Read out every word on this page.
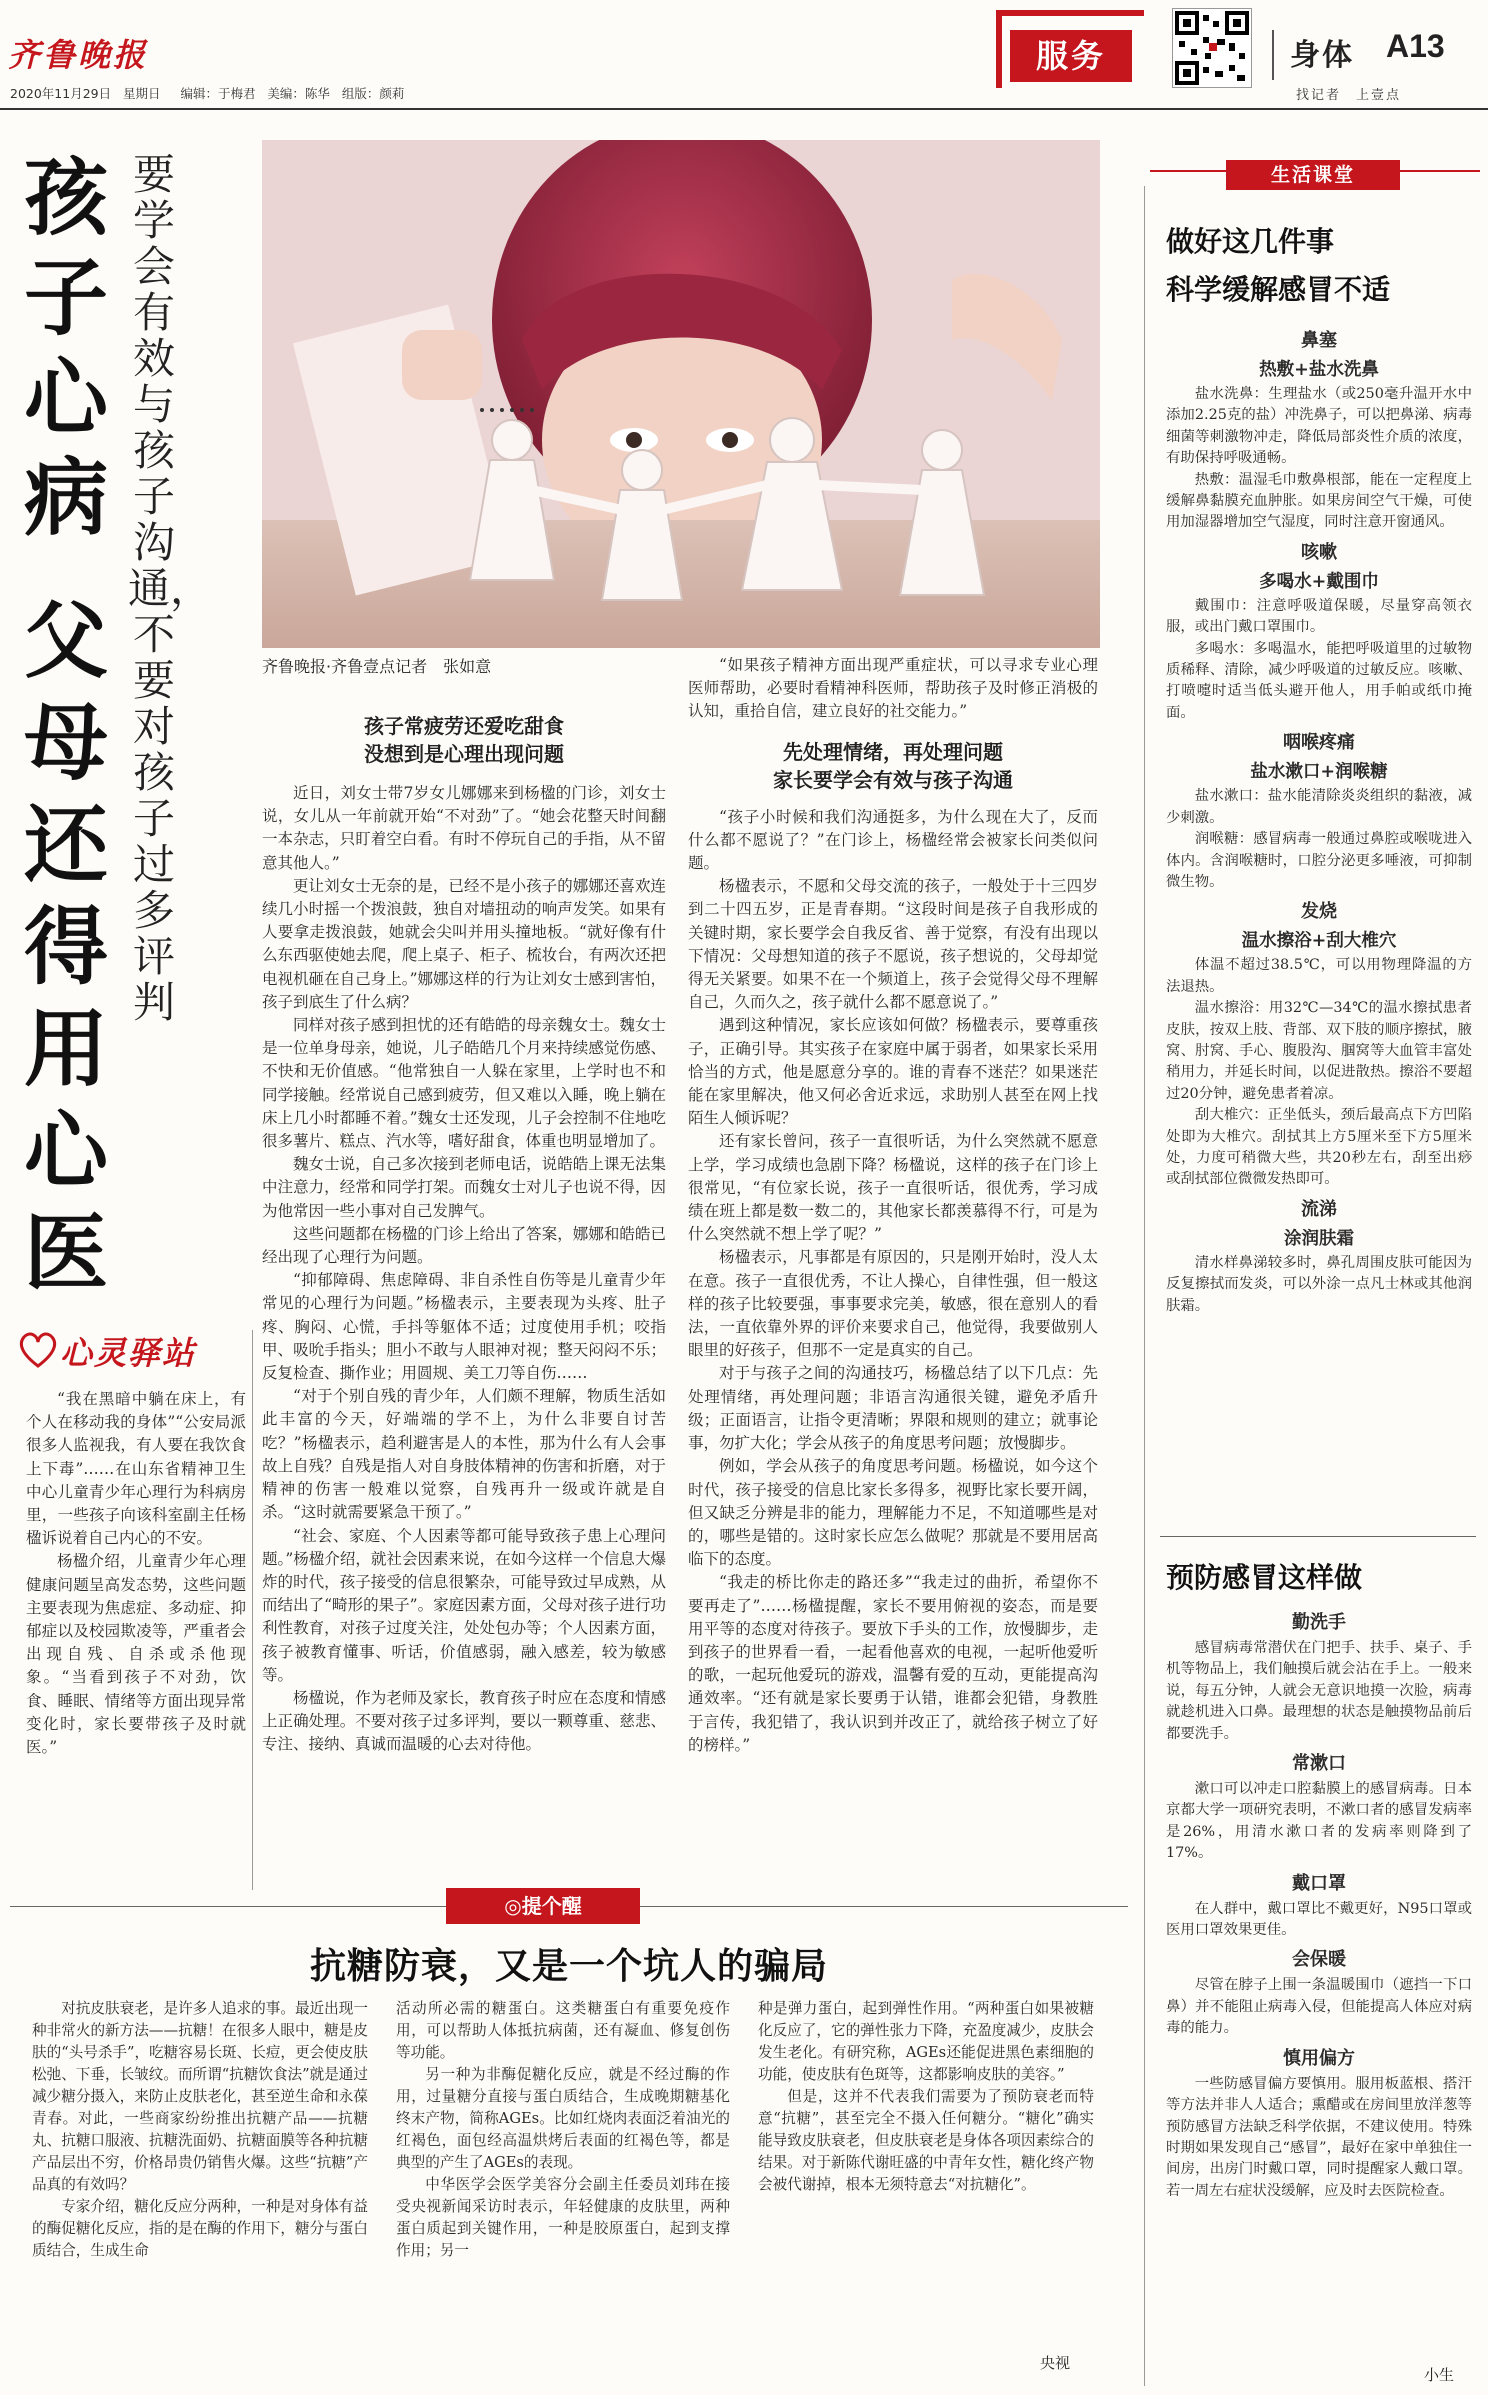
齐鲁晚报
2020年11月29日 星期日 编辑：于梅君 美编：陈华 组版：颜莉
服务	身体 A13
找记者　上壹点
孩子心病
父母还得用心医
要学会有效与孩子沟通，不要对孩子过多评判
心灵驿站

“我在黑暗中躺在床上，有个人在移动我的身体”“公安局派很多人监视我，有人要在我饮食上下毒”……在山东省精神卫生中心儿童青少年心理行为科病房里，一些孩子向该科室副主任杨楹诉说着自己内心的不安。

杨楹介绍，儿童青少年心理健康问题呈高发态势，这些问题主要表现为焦虑症、多动症、抑郁症以及校园欺凌等，严重者会出现自残、自杀或杀他现象。“当看到孩子不对劲，饮食、睡眠、情绪等方面出现异常变化时，家长要带孩子及时就医。”

齐鲁晚报·齐鲁壹点记者　张如意
孩子常疲劳还爱吃甜食
没想到是心理出现问题

近日，刘女士带7岁女儿娜娜来到杨楹的门诊，刘女士说，女儿从一年前就开始“不对劲”了。“她会花整天时间翻一本杂志，只盯着空白看。有时不停玩自己的手指，从不留意其他人。”

更让刘女士无奈的是，已经不是小孩子的娜娜还喜欢连续几小时摇一个拨浪鼓，独自对墙扭动的响声发笑。如果有人要拿走拨浪鼓，她就会尖叫并用头撞地板。“就好像有什么东西驱使她去爬，爬上桌子、柜子、梳妆台，有两次还把电视机砸在自己身上。”娜娜这样的行为让刘女士感到害怕，孩子到底生了什么病？

同样对孩子感到担忧的还有皓皓的母亲魏女士。魏女士是一位单身母亲，她说，儿子皓皓几个月来持续感觉伤感、不快和无价值感。“他常独自一人躲在家里，上学时也不和同学接触。经常说自己感到疲劳，但又难以入睡，晚上躺在床上几小时都睡不着。”魏女士还发现，儿子会控制不住地吃很多薯片、糕点、汽水等，嗜好甜食，体重也明显增加了。

魏女士说，自己多次接到老师电话，说皓皓上课无法集中注意力，经常和同学打架。而魏女士对儿子也说不得，因为他常因一些小事对自己发脾气。

这些问题都在杨楹的门诊上给出了答案，娜娜和皓皓已经出现了心理行为问题。

“抑郁障碍、焦虑障碍、非自杀性自伤等是儿童青少年常见的心理行为问题。”杨楹表示，主要表现为头疼、肚子疼、胸闷、心慌，手抖等躯体不适；过度使用手机；咬指甲、吸吮手指头；胆小不敢与人眼神对视；整天闷闷不乐；反复检查、撕作业；用圆规、美工刀等自伤……

“对于个别自残的青少年，人们颇不理解，物质生活如此丰富的今天，好端端的学不上，为什么非要自讨苦吃？”杨楹表示，趋利避害是人的本性，那为什么有人会事故上自残？自残是指人对自身肢体精神的伤害和折磨，对于精神的伤害一般难以觉察，自残再升一级或许就是自杀。“这时就需要紧急干预了。”

“社会、家庭、个人因素等都可能导致孩子患上心理问题。”杨楹介绍，就社会因素来说，在如今这样一个信息大爆炸的时代，孩子接受的信息很繁杂，可能导致过早成熟，从而结出了“畸形的果子”。家庭因素方面，父母对孩子进行功利性教育，对孩子过度关注，处处包办等；个人因素方面，孩子被教育懂事、听话，价值感弱，融入感差，较为敏感等。

杨楹说，作为老师及家长，教育孩子时应在态度和情感上正确处理。不要对孩子过多评判，要以一颗尊重、慈悲、专注、接纳、真诚而温暖的心去对待他。

“如果孩子精神方面出现严重症状，可以寻求专业心理医师帮助，必要时看精神科医师，帮助孩子及时修正消极的认知，重拾自信，建立良好的社交能力。”

先处理情绪，再处理问题
家长要学会有效与孩子沟通

“孩子小时候和我们沟通挺多，为什么现在大了，反而什么都不愿说了？”在门诊上，杨楹经常会被家长问类似问题。

杨楹表示，不愿和父母交流的孩子，一般处于十三四岁到二十四五岁，正是青春期。“这段时间是孩子自我形成的关键时期，家长要学会自我反省、善于觉察，有没有出现以下情况：父母想知道的孩子不愿说，孩子想说的，父母却觉得无关紧要。如果不在一个频道上，孩子会觉得父母不理解自己，久而久之，孩子就什么都不愿意说了。”

遇到这种情况，家长应该如何做？杨楹表示，要尊重孩子，正确引导。其实孩子在家庭中属于弱者，如果家长采用恰当的方式，他是愿意分享的。谁的青春不迷茫？如果迷茫能在家里解决，他又何必舍近求远，求助别人甚至在网上找陌生人倾诉呢？

还有家长曾问，孩子一直很听话，为什么突然就不愿意上学，学习成绩也急剧下降？杨楹说，这样的孩子在门诊上很常见，“有位家长说，孩子一直很听话，很优秀，学习成绩在班上都是数一数二的，其他家长都羡慕得不行，可是为什么突然就不想上学了呢？”

杨楹表示，凡事都是有原因的，只是刚开始时，没人太在意。孩子一直很优秀，不让人操心，自律性强，但一般这样的孩子比较要强，事事要求完美，敏感，很在意别人的看法，一直依靠外界的评价来要求自己，他觉得，我要做别人眼里的好孩子，但那不一定是真实的自己。

对于与孩子之间的沟通技巧，杨楹总结了以下几点：先处理情绪，再处理问题；非语言沟通很关键，避免矛盾升级；正面语言，让指令更清晰；界限和规则的建立；就事论事，勿扩大化；学会从孩子的角度思考问题；放慢脚步。

例如，学会从孩子的角度思考问题。杨楹说，如今这个时代，孩子接受的信息比家长多得多，视野比家长要开阔，但又缺乏分辨是非的能力，理解能力不足，不知道哪些是对的，哪些是错的。这时家长应怎么做呢？那就是不要用居高临下的态度。

“我走的桥比你走的路还多”“我走过的曲折，希望你不要再走了”……杨楹提醒，家长不要用俯视的姿态，而是要用平等的态度对待孩子。要放下手头的工作，放慢脚步，走到孩子的世界看一看，一起看他喜欢的电视，一起听他爱听的歌，一起玩他爱玩的游戏，温馨有爱的互动，更能提高沟通效率。“还有就是家长要勇于认错，谁都会犯错，身教胜于言传，我犯错了，我认识到并改正了，就给孩子树立了好的榜样。”

◎提个醒
抗糖防衰，又是一个坑人的骗局

对抗皮肤衰老，是许多人追求的事。最近出现一种非常火的新方法——抗糖！在很多人眼中，糖是皮肤的“头号杀手”，吃糖容易长斑、长痘，更会使皮肤松弛、下垂，长皱纹。而所谓“抗糖饮食法”就是通过减少糖分摄入，来防止皮肤老化，甚至逆生命和永葆青春。对此，一些商家纷纷推出抗糖产品——抗糖丸、抗糖口服液、抗糖洗面奶、抗糖面膜等各种抗糖产品层出不穷，价格昂贵仍销售火爆。这些“抗糖”产品真的有效吗？

专家介绍，糖化反应分两种，一种是对身体有益的酶促糖化反应，指的是在酶的作用下，糖分与蛋白质结合，生成生命

活动所必需的糖蛋白。这类糖蛋白有重要免疫作用，可以帮助人体抵抗病菌，还有凝血、修复创伤等功能。

另一种为非酶促糖化反应，就是不经过酶的作用，过量糖分直接与蛋白质结合，生成晚期糖基化终末产物，简称AGEs。比如红烧肉表面泛着油光的红褐色，面包经高温烘烤后表面的红褐色等，都是典型的产生了AGEs的表现。

中华医学会医学美容分会副主任委员刘玮在接受央视新闻采访时表示，年轻健康的皮肤里，两种蛋白质起到关键作用，一种是胶原蛋白，起到支撑作用；另一

种是弹力蛋白，起到弹性作用。“两种蛋白如果被糖化反应了，它的弹性张力下降，充盈度减少，皮肤会发生老化。有研究称，AGEs还能促进黑色素细胞的功能，使皮肤有色斑等，这都影响皮肤的美容。”

但是，这并不代表我们需要为了预防衰老而特意“抗糖”，甚至完全不摄入任何糖分。“糖化”确实能导致皮肤衰老，但皮肤衰老是身体各项因素综合的结果。对于新陈代谢旺盛的中青年女性，糖化终产物会被代谢掉，根本无须特意去“对抗糖化”。

央视
生活课堂
做好这几件事
科学缓解感冒不适
鼻塞
热敷+盐水洗鼻

盐水洗鼻：生理盐水（或250毫升温开水中添加2.25克的盐）冲洗鼻子，可以把鼻涕、病毒细菌等刺激物冲走，降低局部炎性介质的浓度，有助保持呼吸通畅。

热敷：温湿毛巾敷鼻根部，能在一定程度上缓解鼻黏膜充血肿胀。如果房间空气干燥，可使用加湿器增加空气湿度，同时注意开窗通风。

咳嗽
多喝水+戴围巾

戴围巾：注意呼吸道保暖，尽量穿高领衣服，或出门戴口罩围巾。

多喝水：多喝温水，能把呼吸道里的过敏物质稀释、清除，减少呼吸道的过敏反应。咳嗽、打喷嚏时适当低头避开他人，用手帕或纸巾掩面。

咽喉疼痛
盐水漱口+润喉糖

盐水漱口：盐水能清除炎炎组织的黏液，减少刺激。

润喉糖：感冒病毒一般通过鼻腔或喉咙进入体内。含润喉糖时，口腔分泌更多唾液，可抑制微生物。

发烧
温水擦浴+刮大椎穴

体温不超过38.5℃，可以用物理降温的方法退热。

温水擦浴：用32℃—34℃的温水擦拭患者皮肤，按双上肢、背部、双下肢的顺序擦拭，腋窝、肘窝、手心、腹股沟、腘窝等大血管丰富处稍用力，并延长时间，以促进散热。擦浴不要超过20分钟，避免患者着凉。

刮大椎穴：正坐低头，颈后最高点下方凹陷处即为大椎穴。刮拭其上方5厘米至下方5厘米处，力度可稍微大些，共20秒左右，刮至出痧或刮拭部位微微发热即可。

流涕
涂润肤霜

清水样鼻涕较多时，鼻孔周围皮肤可能因为反复擦拭而发炎，可以外涂一点凡士林或其他润肤霜。

预防感冒这样做
勤洗手

感冒病毒常潜伏在门把手、扶手、桌子、手机等物品上，我们触摸后就会沾在手上。一般来说，每五分钟，人就会无意识地摸一次脸，病毒就趁机进入口鼻。最理想的状态是触摸物品前后都要洗手。

常漱口

漱口可以冲走口腔黏膜上的感冒病毒。日本京都大学一项研究表明，不漱口者的感冒发病率是26%，用清水漱口者的发病率则降到了17%。

戴口罩

在人群中，戴口罩比不戴更好，N95口罩或医用口罩效果更佳。

会保暖

尽管在脖子上围一条温暖围巾（遮挡一下口鼻）并不能阻止病毒入侵，但能提高人体应对病毒的能力。

慎用偏方

一些防感冒偏方要慎用。服用板蓝根、搭汗等方法并非人人适合；熏醋或在房间里放洋葱等预防感冒方法缺乏科学依据，不建议使用。特殊时期如果发现自己“感冒”，最好在家中单独住一间房，出房门时戴口罩，同时提醒家人戴口罩。若一周左右症状没缓解，应及时去医院检查。

小生
